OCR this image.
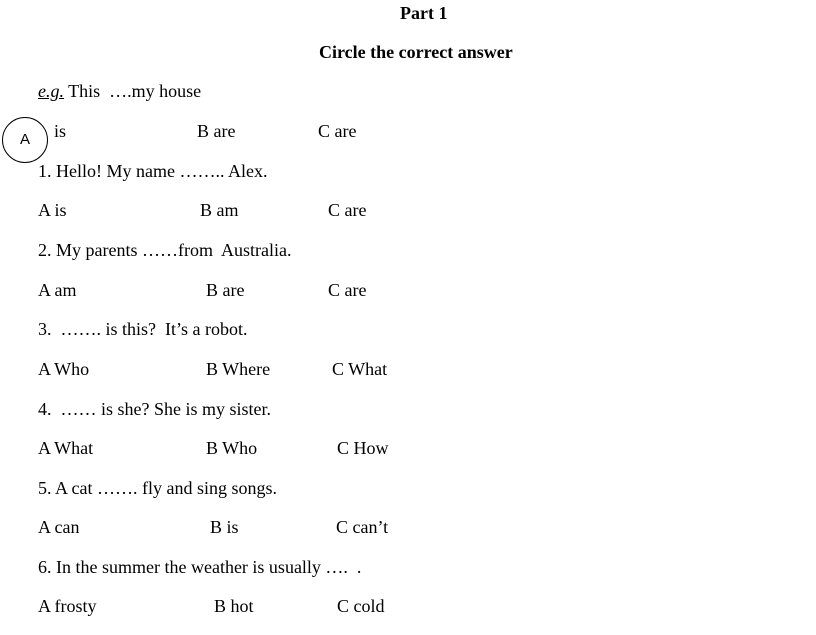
Part 1
Circle the correct answer
e.g. This  ….my house
is	B are	C are
A
1. Hello! My name …….. Alex.
A is	B am	C are
2. My parents ……from  Australia.
A am	B are	C are
3.  ……. is this?  It’s a robot.
A Who	B Where	C What
4.  …… is she? She is my sister.
A What	B Who	C How
5. A cat ……. fly and sing songs.
A can	B is	C can’t
6. In the summer the weather is usually ….  .
A frosty	B hot	C cold
